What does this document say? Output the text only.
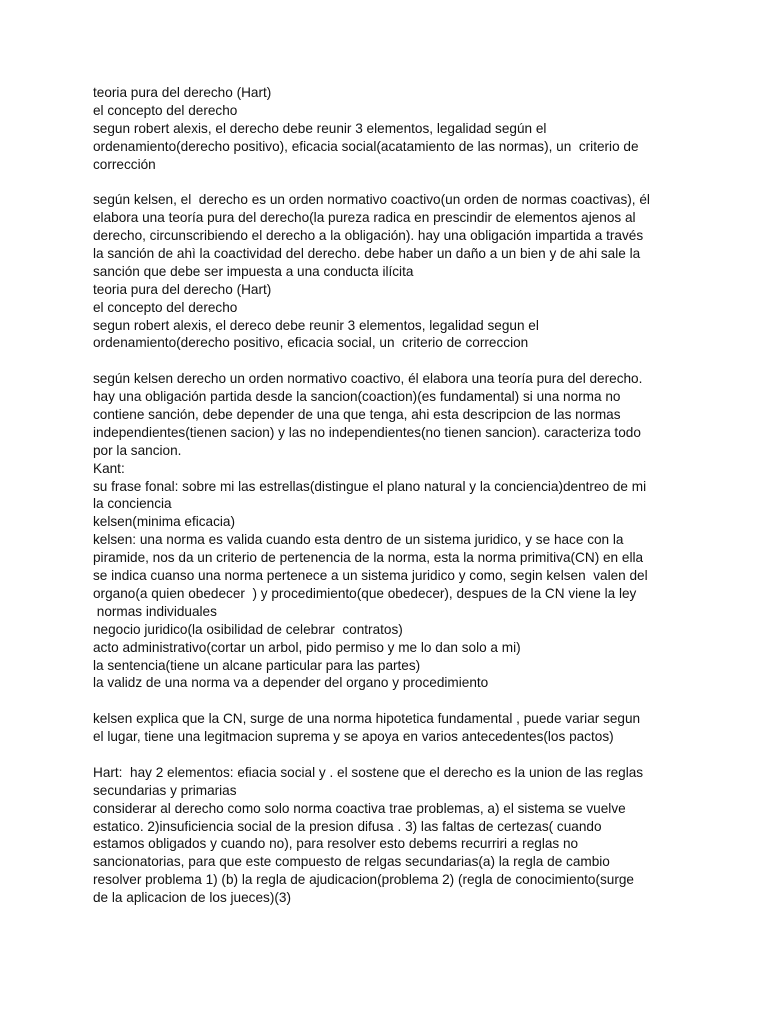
teoria pura del derecho (Hart)
el concepto del derecho
segun robert alexis, el derecho debe reunir 3 elementos, legalidad según el
ordenamiento(derecho positivo), eficacia social(acatamiento de las normas), un  criterio de
corrección
según kelsen, el  derecho es un orden normativo coactivo(un orden de normas coactivas), él
elabora una teoría pura del derecho(la pureza radica en prescindir de elementos ajenos al
derecho, circunscribiendo el derecho a la obligación). hay una obligación impartida a través
la sanción de ahì la coactividad del derecho. debe haber un daño a un bien y de ahi sale la
sanción que debe ser impuesta a una conducta ilícita
teoria pura del derecho (Hart)
el concepto del derecho
segun robert alexis, el dereco debe reunir 3 elementos, legalidad segun el
ordenamiento(derecho positivo, eficacia social, un  criterio de correccion
según kelsen derecho un orden normativo coactivo, él elabora una teoría pura del derecho.
hay una obligación partida desde la sancion(coaction)(es fundamental) si una norma no
contiene sanción, debe depender de una que tenga, ahi esta descripcion de las normas
independientes(tienen sacion) y las no independientes(no tienen sancion). caracteriza todo
por la sancion.
Kant:
su frase fonal: sobre mi las estrellas(distingue el plano natural y la conciencia)dentreo de mi
la conciencia
kelsen(minima eficacia)
kelsen: una norma es valida cuando esta dentro de un sistema juridico, y se hace con la
piramide, nos da un criterio de pertenencia de la norma, esta la norma primitiva(CN) en ella
se indica cuanso una norma pertenece a un sistema juridico y como, segin kelsen  valen del
organo(a quien obedecer  ) y procedimiento(que obedecer), despues de la CN viene la ley
normas individuales
negocio juridico(la osibilidad de celebrar  contratos)
acto administrativo(cortar un arbol, pido permiso y me lo dan solo a mi)
la sentencia(tiene un alcane particular para las partes)
la validz de una norma va a depender del organo y procedimiento
kelsen explica que la CN, surge de una norma hipotetica fundamental , puede variar segun
el lugar, tiene una legitmacion suprema y se apoya en varios antecedentes(los pactos)
Hart:  hay 2 elementos: efiacia social y . el sostene que el derecho es la union de las reglas
secundarias y primarias
considerar al derecho como solo norma coactiva trae problemas, a) el sistema se vuelve
estatico. 2)insuficiencia social de la presion difusa . 3) las faltas de certezas( cuando
estamos obligados y cuando no), para resolver esto debems recurriri a reglas no
sancionatorias, para que este compuesto de relgas secundarias(a) la regla de cambio
resolver problema 1) (b) la regla de ajudicacion(problema 2) (regla de conocimiento(surge
de la aplicacion de los jueces)(3)
